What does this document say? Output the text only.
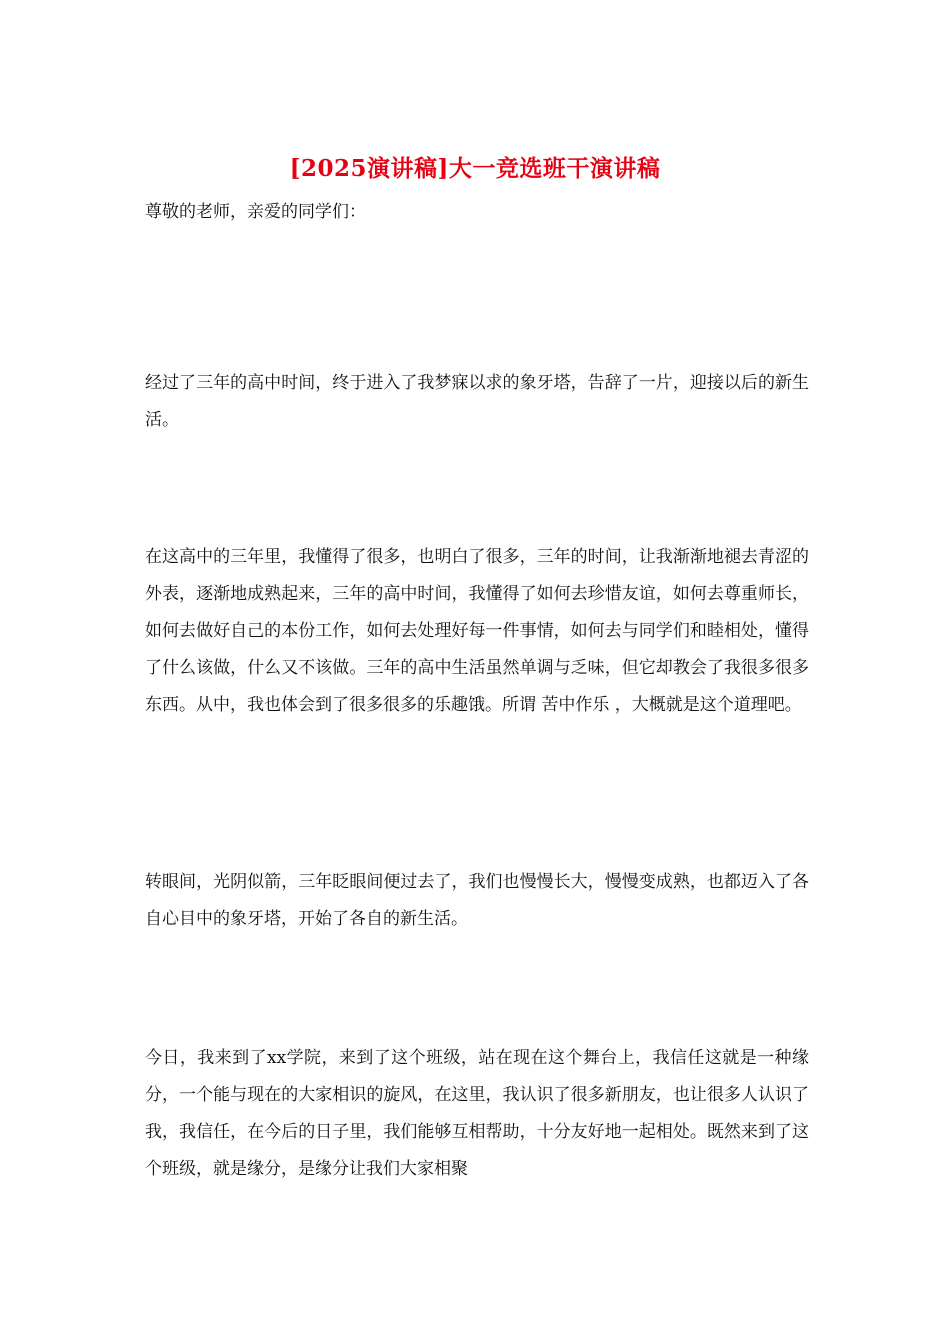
[2025演讲稿]大一竞选班干演讲稿
尊敬的老师，亲爱的同学们：

经过了三年的高中时间，终于进入了我梦寐以求的象牙塔，告辞了一片，迎接以后的新生活。

在这高中的三年里，我懂得了很多，也明白了很多，三年的时间，让我渐渐地褪去青涩的外表，逐渐地成熟起来，三年的高中时间，我懂得了如何去珍惜友谊，如何去尊重师长，如何去做好自己的本份工作，如何去处理好每一件事情，如何去与同学们和睦相处，懂得了什么该做，什么又不该做。三年的高中生活虽然单调与乏味，但它却教会了我很多很多东西。从中，我也体会到了很多很多的乐趣饿。所谓 苦中作乐 ，大概就是这个道理吧。

转眼间，光阴似箭，三年眨眼间便过去了，我们也慢慢长大，慢慢变成熟，也都迈入了各自心目中的象牙塔，开始了各自的新生活。

今日，我来到了xx学院，来到了这个班级，站在现在这个舞台上，我信任这就是一种缘分，一个能与现在的大家相识的旋风，在这里，我认识了很多新朋友，也让很多人认识了我，我信任，在今后的日子里，我们能够互相帮助，十分友好地一起相处。既然来到了这个班级，就是缘分，是缘分让我们大家相聚
